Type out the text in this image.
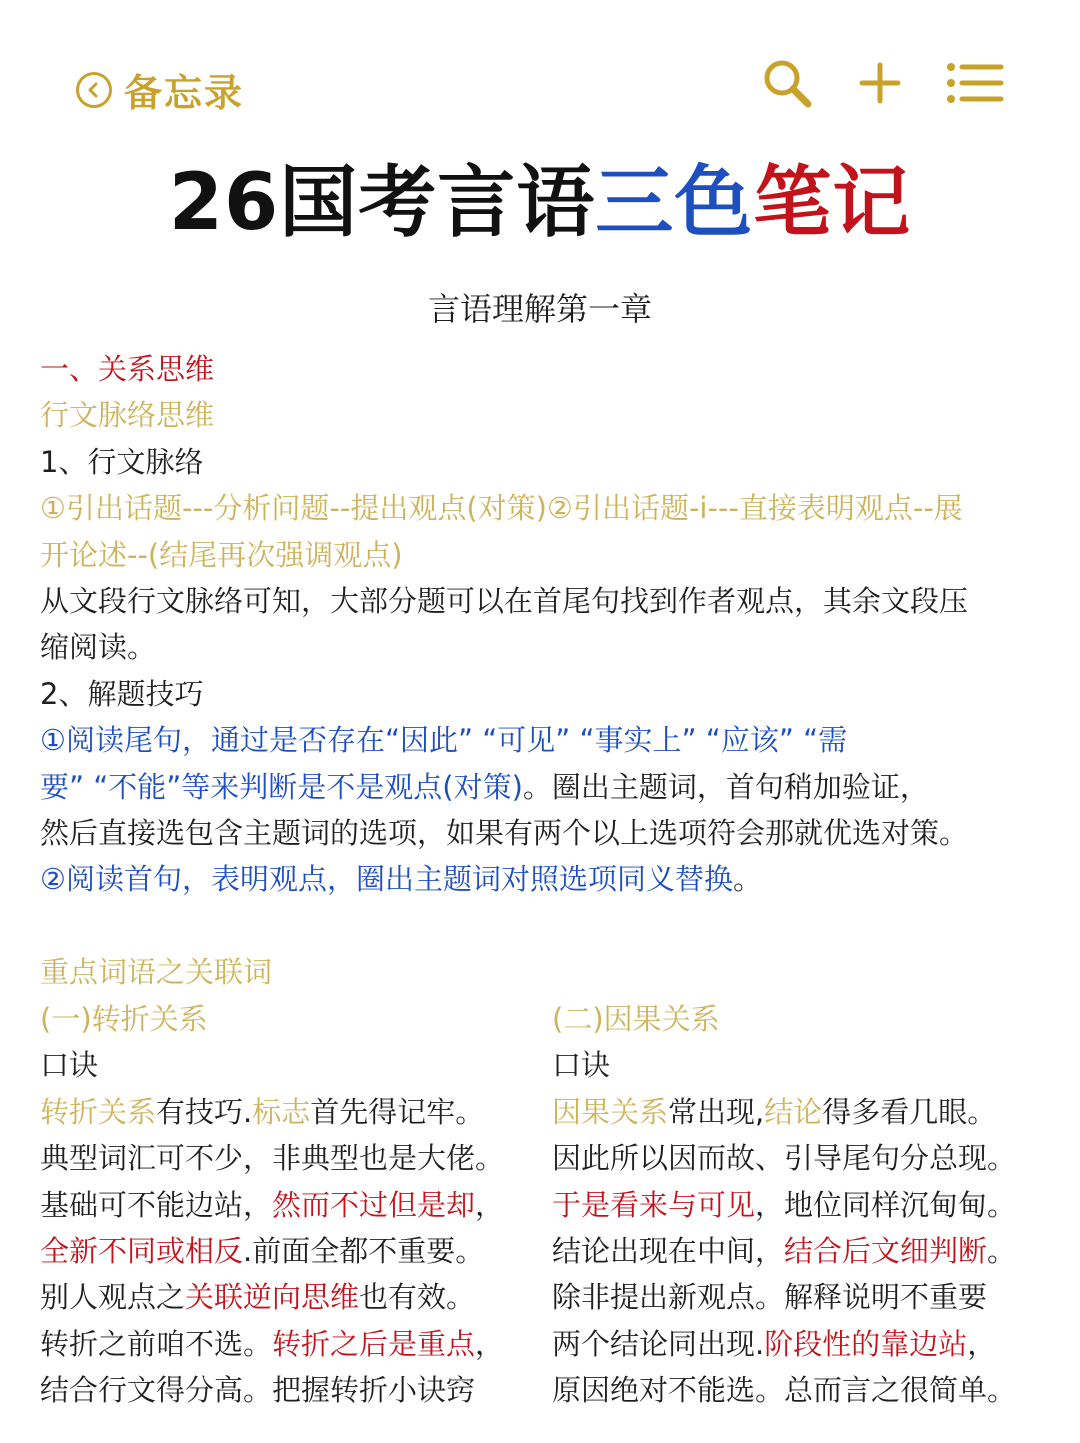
备忘录
26国考言语三色笔记
言语理解第一章
一、关系思维
行文脉络思维
1、行文脉络
①引出话题---分析问题--提出观点(对策)②引出话题-i---直接表明观点--展
开论述--(结尾再次强调观点)
从文段行文脉络可知，大部分题可以在首尾句找到作者观点，其余文段压
缩阅读。
2、解题技巧
①阅读尾句，通过是否存在“因此” “可见” “事实上” “应该” “需
要” “不能”等来判断是不是观点(对策)。圈出主题词，首句稍加验证，
然后直接选包含主题词的选项，如果有两个以上选项符会那就优选对策。
②阅读首句，表明观点，圈出主题词对照选项同义替换。

重点词语之关联词
(一)转折关系
口诀
转折关系有技巧.标志首先得记牢。
典型词汇可不少，非典型也是大佬。
基础可不能边站，然而不过但是却，
全新不同或相反.前面全都不重要。
别人观点之关联逆向思维也有效。
转折之前咱不选。转折之后是重点，
结合行文得分高。把握转折小诀窍
(二)因果关系
口诀
因果关系常出现,结论得多看几眼。
因此所以因而故、引导尾句分总现。
于是看来与可见，地位同样沉甸甸。
结论出现在中间，结合后文细判断。
除非提出新观点。解释说明不重要
两个结论同出现.阶段性的靠边站，
原因绝对不能选。总而言之很简单。
